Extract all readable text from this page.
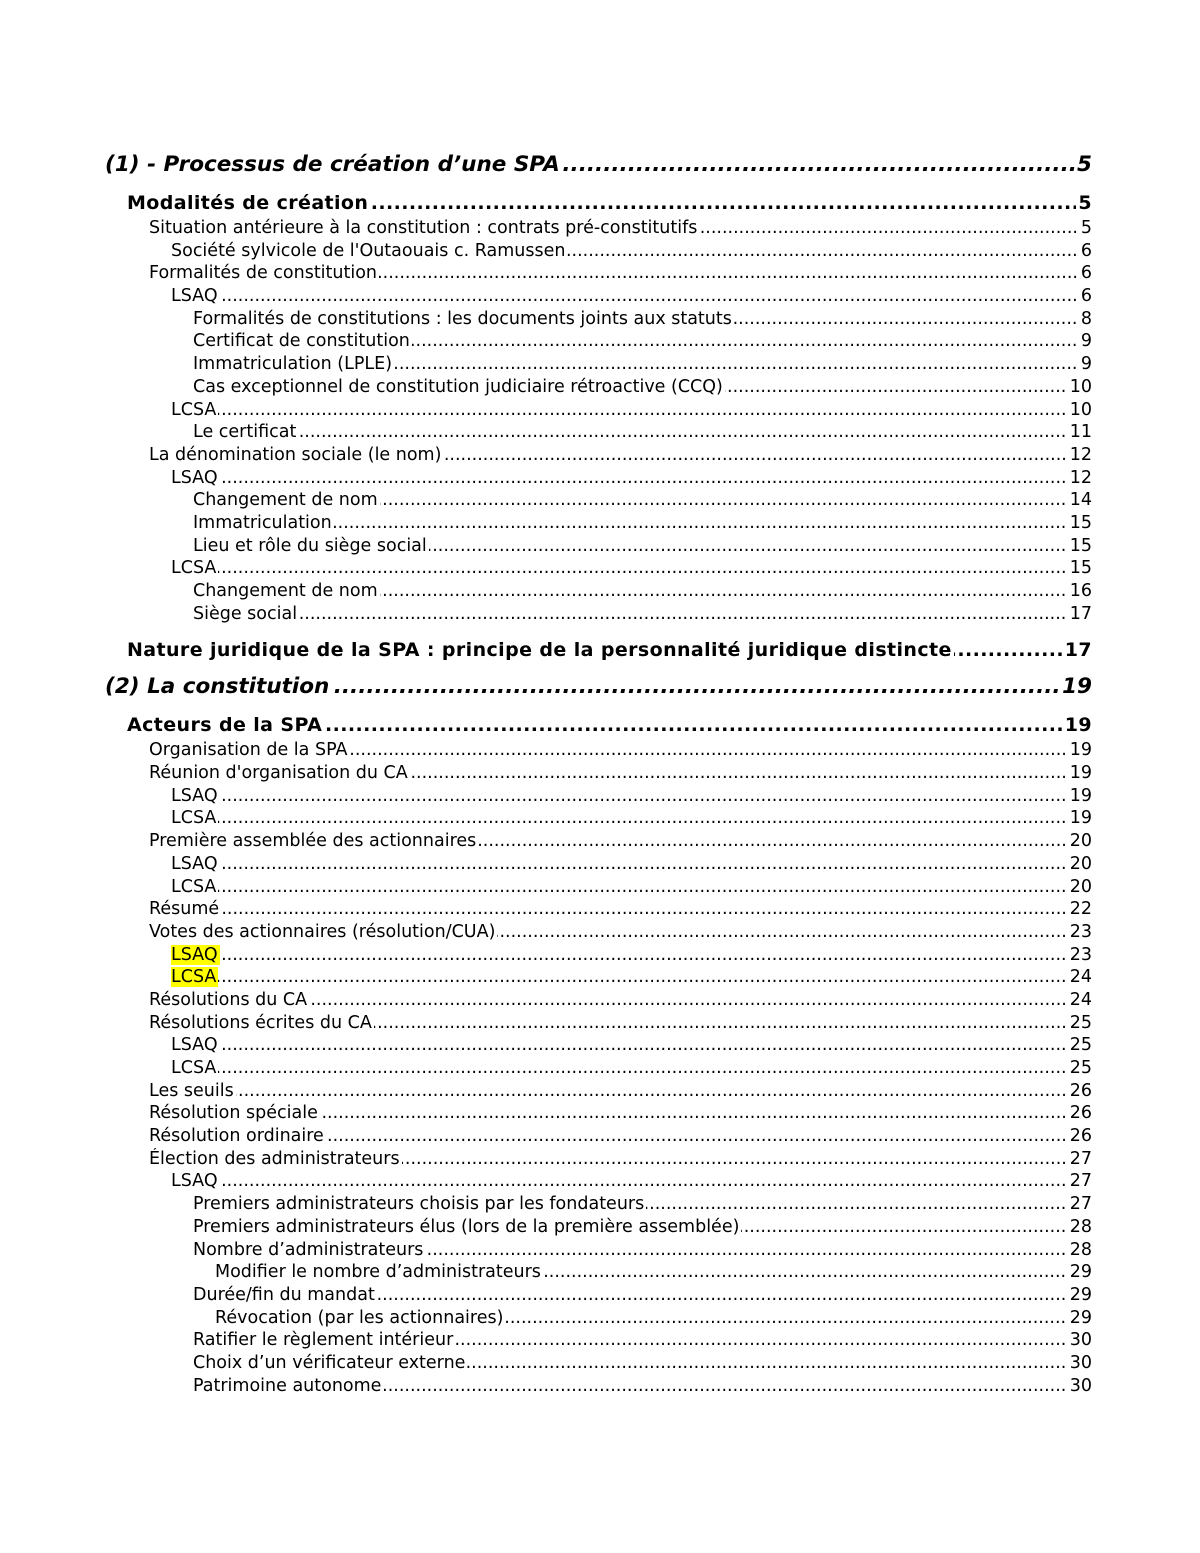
.....
(1) - Processus de création d’une SPA	5
.....
Modalités de création	5
.....
Situation antérieure à la constitution : contrats pré-constitutifs	5
.....
Société sylvicole de l'Outaouais c. Ramussen	6
.....
Formalités de constitution	6
.....
LSAQ	6
.....
Formalités de constitutions : les documents joints aux statuts	8
.....
Certificat de constitution	9
.....
Immatriculation (LPLE)	9
.....
Cas exceptionnel de constitution judiciaire rétroactive (CCQ)	10
.....
LCSA	10
.....
Le certificat	11
.....
La dénomination sociale (le nom)	12
.....
LSAQ	12
.....
Changement de nom	14
.....
Immatriculation	15
.....
Lieu et rôle du siège social	15
.....
LCSA	15
.....
Changement de nom	16
.....
Siège social	17
.....
Nature juridique de la SPA : principe de la personnalité juridique distincte	17
.....
(2) La constitution	19
.....
Acteurs de la SPA	19
.....
Organisation de la SPA	19
.....
Réunion d'organisation du CA	19
.....
LSAQ	19
.....
LCSA	19
.....
Première assemblée des actionnaires	20
.....
LSAQ	20
.....
LCSA	20
.....
Résumé	22
.....
Votes des actionnaires (résolution/CUA)	23
.....
LSAQ	23
.....
LCSA	24
.....
Résolutions du CA	24
.....
Résolutions écrites du CA	25
.....
LSAQ	25
.....
LCSA	25
.....
Les seuils	26
.....
Résolution spéciale	26
.....
Résolution ordinaire	26
.....
Élection des administrateurs	27
.....
LSAQ	27
.....
Premiers administrateurs choisis par les fondateurs	27
.....
Premiers administrateurs élus (lors de la première assemblée)	28
.....
Nombre d’administrateurs	28
.....
Modifier le nombre d’administrateurs	29
.....
Durée/fin du mandat	29
.....
Révocation (par les actionnaires)	29
.....
Ratifier le règlement intérieur	30
.....
Choix d’un vérificateur externe	30
.....
Patrimoine autonome	30
